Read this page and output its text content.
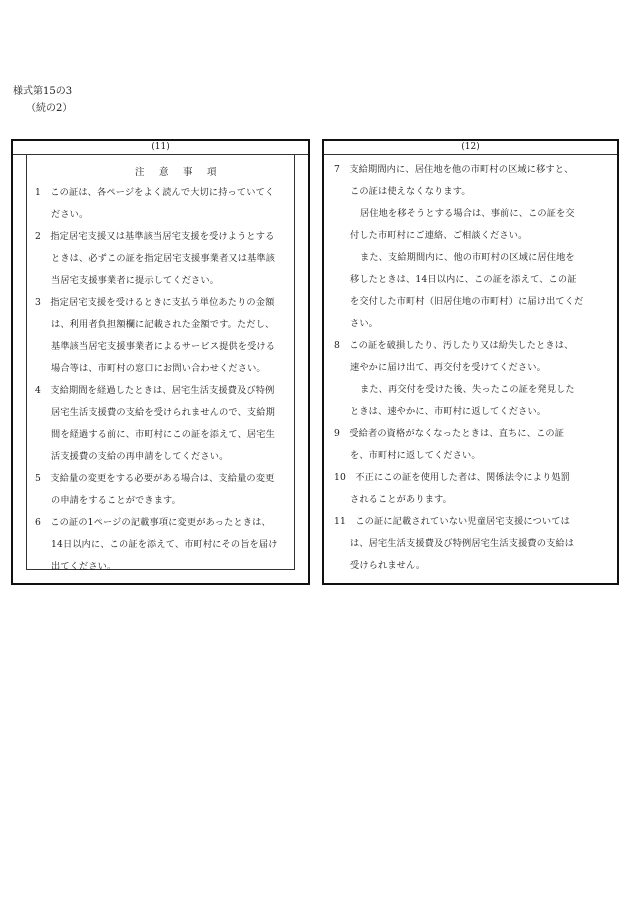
様式第15の3
（続の2）
(11)
注 意 事 項
1　この証は、各ページをよく読んで大切に持っていてく
ださい。
2　指定居宅支援又は基準該当居宅支援を受けようとする
ときは、必ずこの証を指定居宅支援事業者又は基準該
当居宅支援事業者に提示してください。
3　指定居宅支援を受けるときに支払う単位あたりの金額
は、利用者負担額欄に記載された金額です。ただし、
基準該当居宅支援事業者によるサービス提供を受ける
場合等は、市町村の窓口にお問い合わせください。
4　支給期間を経過したときは、居宅生活支援費及び特例
居宅生活支援費の支給を受けられませんので、支給期
間を経過する前に、市町村にこの証を添えて、居宅生
活支援費の支給の再申請をしてください。
5　支給量の変更をする必要がある場合は、支給量の変更
の申請をすることができます。
6　この証の1ページの記載事項に変更があったときは、
14日以内に、この証を添えて、市町村にその旨を届け
出てください。
(12)
7　支給期間内に、居住地を他の市町村の区域に移すと、
この証は使えなくなります。
居住地を移そうとする場合は、事前に、この証を交
付した市町村にご連絡、ご相談ください。
また、支給期間内に、他の市町村の区域に居住地を
移したときは、14日以内に、この証を添えて、この証
を交付した市町村（旧居住地の市町村）に届け出てくだ
さい。
8　この証を破損したり、汚したり又は紛失したときは、
速やかに届け出て、再交付を受けてください。
また、再交付を受けた後、失ったこの証を発見した
ときは、速やかに、市町村に返してください。
9　受給者の資格がなくなったときは、直ちに、この証
を、市町村に返してください。
10　不正にこの証を使用した者は、関係法令により処罰
されることがあります。
11　この証に記載されていない児童居宅支援については
は、居宅生活支援費及び特例居宅生活支援費の支給は
受けられません。
